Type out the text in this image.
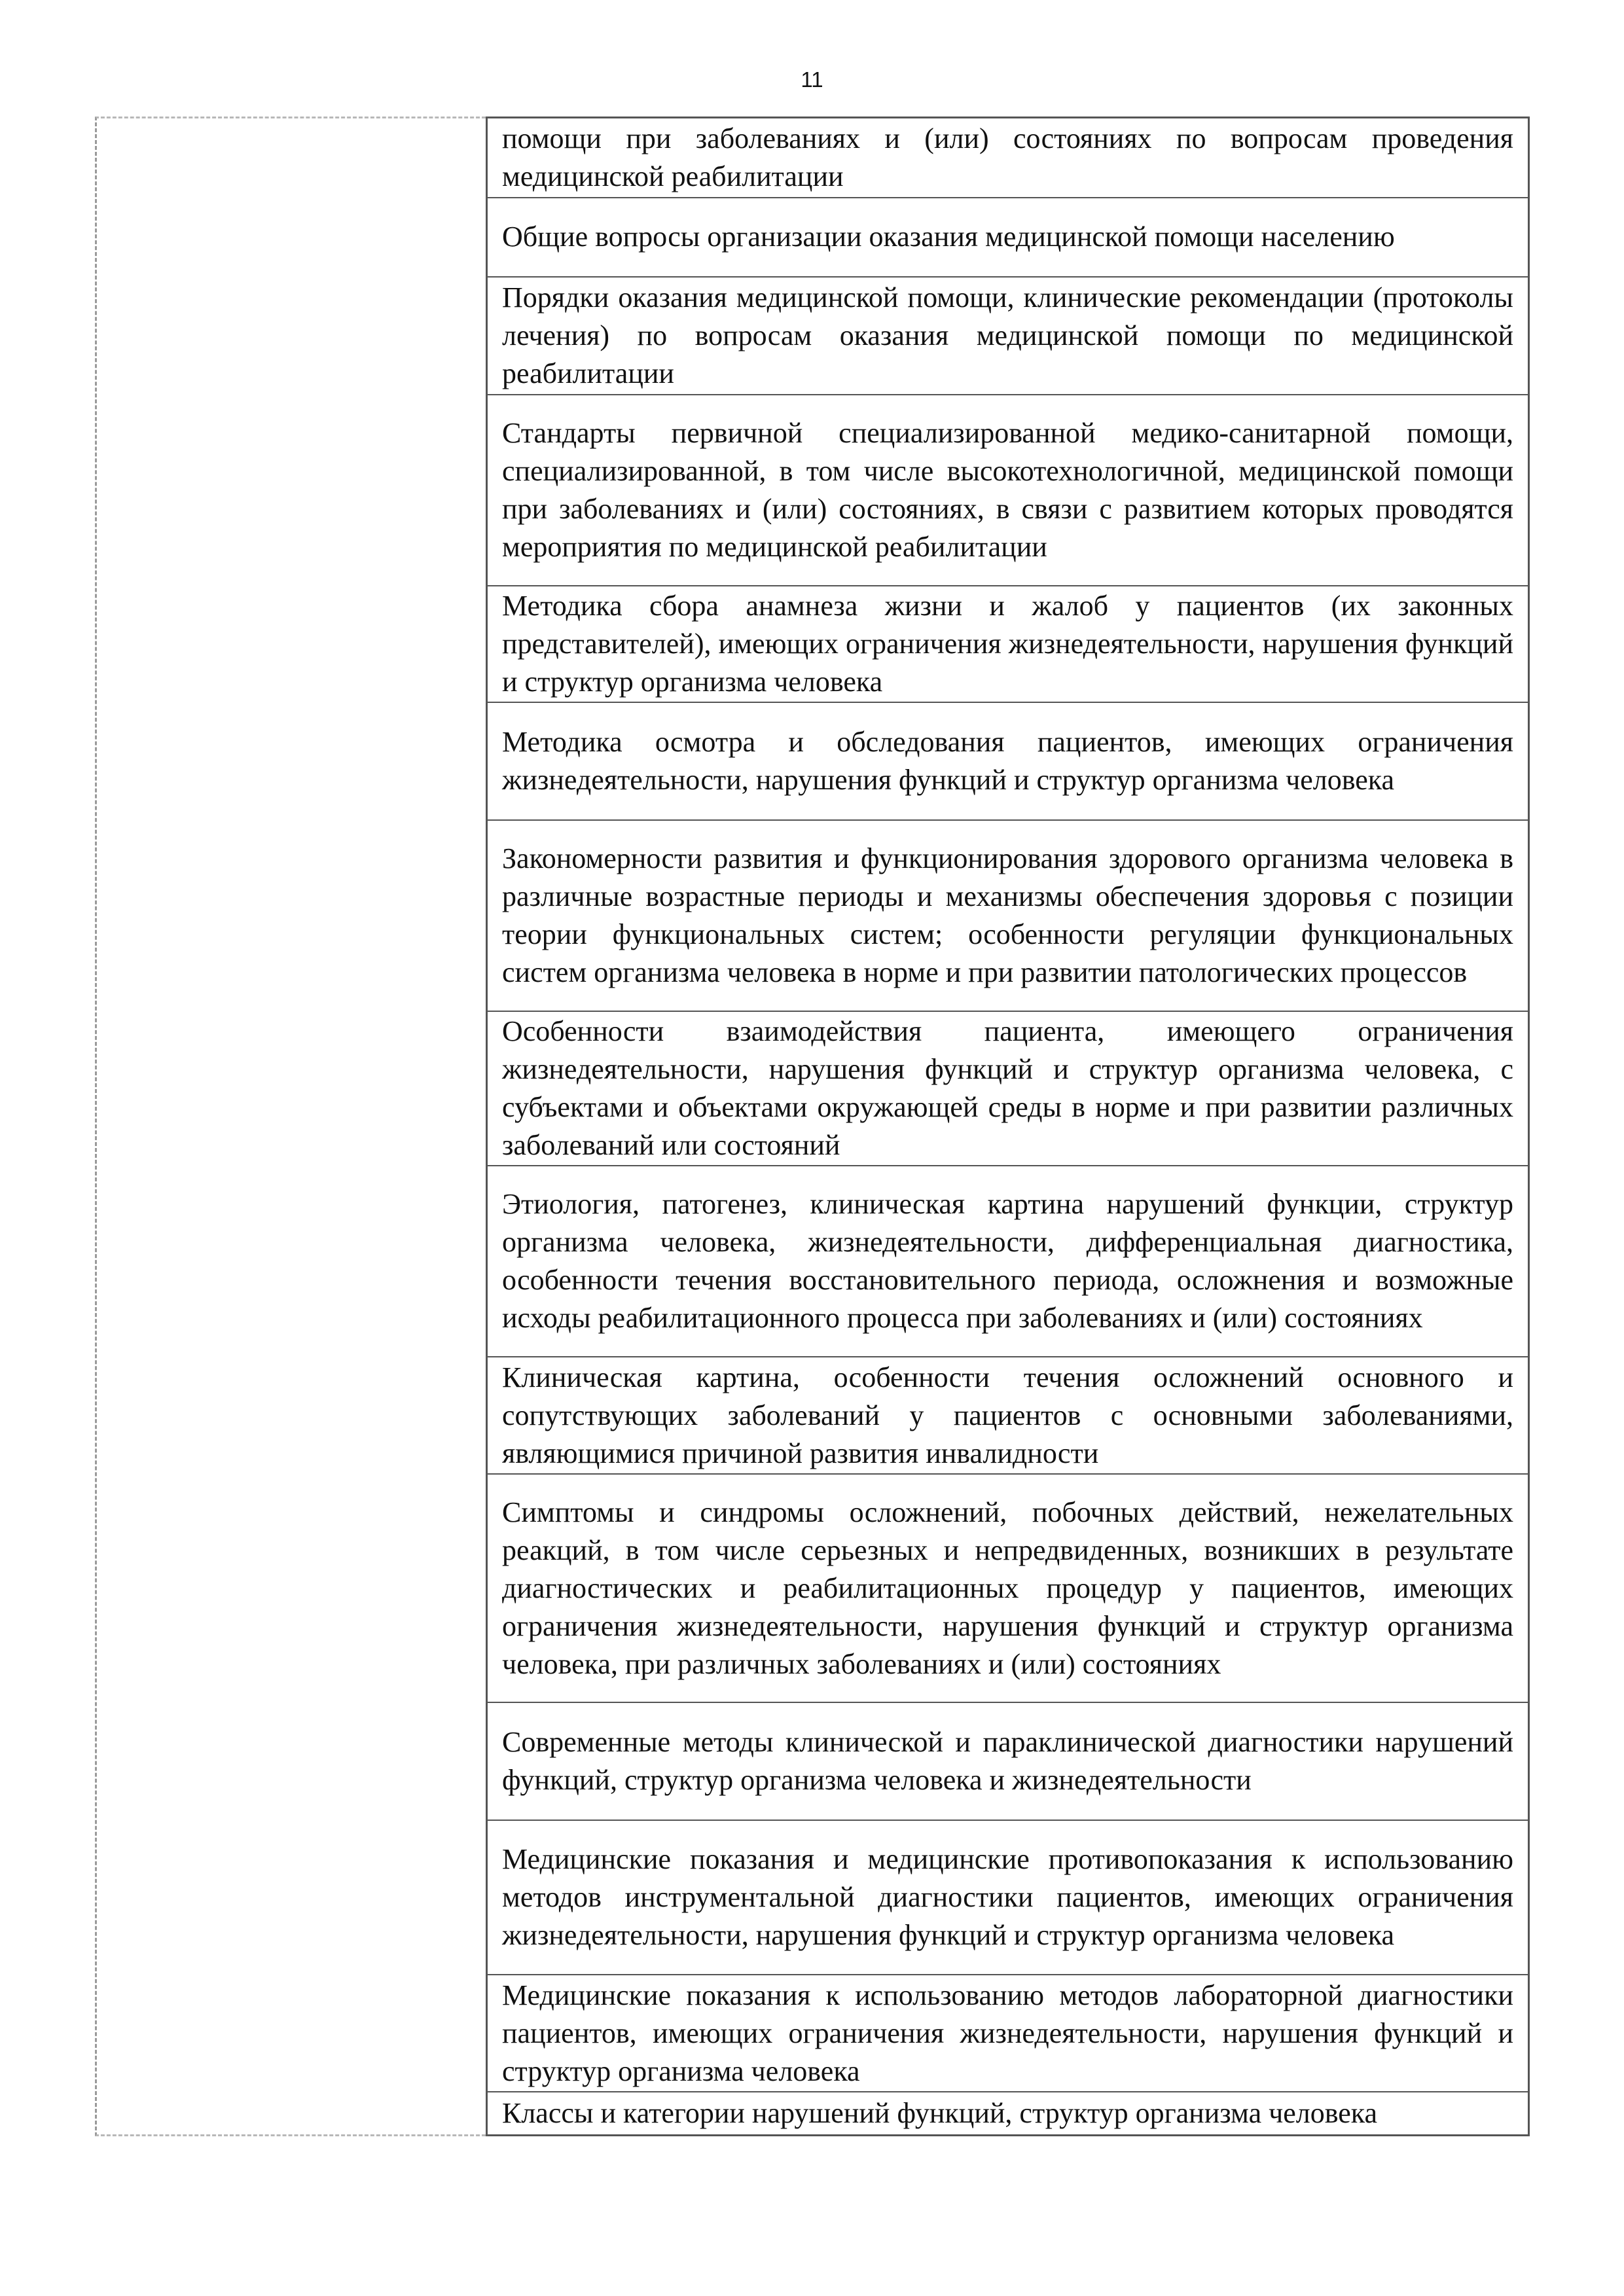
11
помощи при заболеваниях и (или) состояниях по вопросам проведения медицинской реабилитации
Общие вопросы организации оказания медицинской помощи населению
Порядки оказания медицинской помощи, клинические рекомендации (протоколы лечения) по вопросам оказания медицинской помощи по медицинской реабилитации
Стандарты первичной специализированной медико-санитарной помощи, специализированной, в том числе высокотехнологичной, медицинской помощи при заболеваниях и (или) состояниях, в связи с развитием которых проводятся мероприятия по медицинской реабилитации
Методика сбора анамнеза жизни и жалоб у пациентов (их законных представителей), имеющих ограничения жизнедеятельности, нарушения функций и структур организма человека
Методика осмотра и обследования пациентов, имеющих ограничения жизнедеятельности, нарушения функций и структур организма человека
Закономерности развития и функционирования здорового организма человека в различные возрастные периоды и механизмы обеспечения здоровья с позиции теории функциональных систем; особенности регуляции функциональных систем организма человека в норме и при развитии патологических процессов
Особенности взаимодействия пациента, имеющего ограничения жизнедеятельности, нарушения функций и структур организма человека, с субъектами и объектами окружающей среды в норме и при развитии различных заболеваний или состояний
Этиология, патогенез, клиническая картина нарушений функции, структур организма человека, жизнедеятельности, дифференциальная диагностика, особенности течения восстановительного периода, осложнения и возможные исходы реабилитационного процесса при заболеваниях и (или) состояниях
Клиническая картина, особенности течения осложнений основного и сопутствующих заболеваний у пациентов с основными заболеваниями, являющимися причиной развития инвалидности
Симптомы и синдромы осложнений, побочных действий, нежелательных реакций, в том числе серьезных и непредвиденных, возникших в результате диагностических и реабилитационных процедур у пациентов, имеющих ограничения жизнедеятельности, нарушения функций и структур организма человека, при различных заболеваниях и (или) состояниях
Современные методы клинической и параклинической диагностики нарушений функций, структур организма человека и жизнедеятельности
Медицинские показания и медицинские противопоказания к использованию методов инструментальной диагностики пациентов, имеющих ограничения жизнедеятельности, нарушения функций и структур организма человека
Медицинские показания к использованию методов лабораторной диагностики пациентов, имеющих ограничения жизнедеятельности, нарушения функций и структур организма человека
Классы и категории нарушений функций, структур организма человека
